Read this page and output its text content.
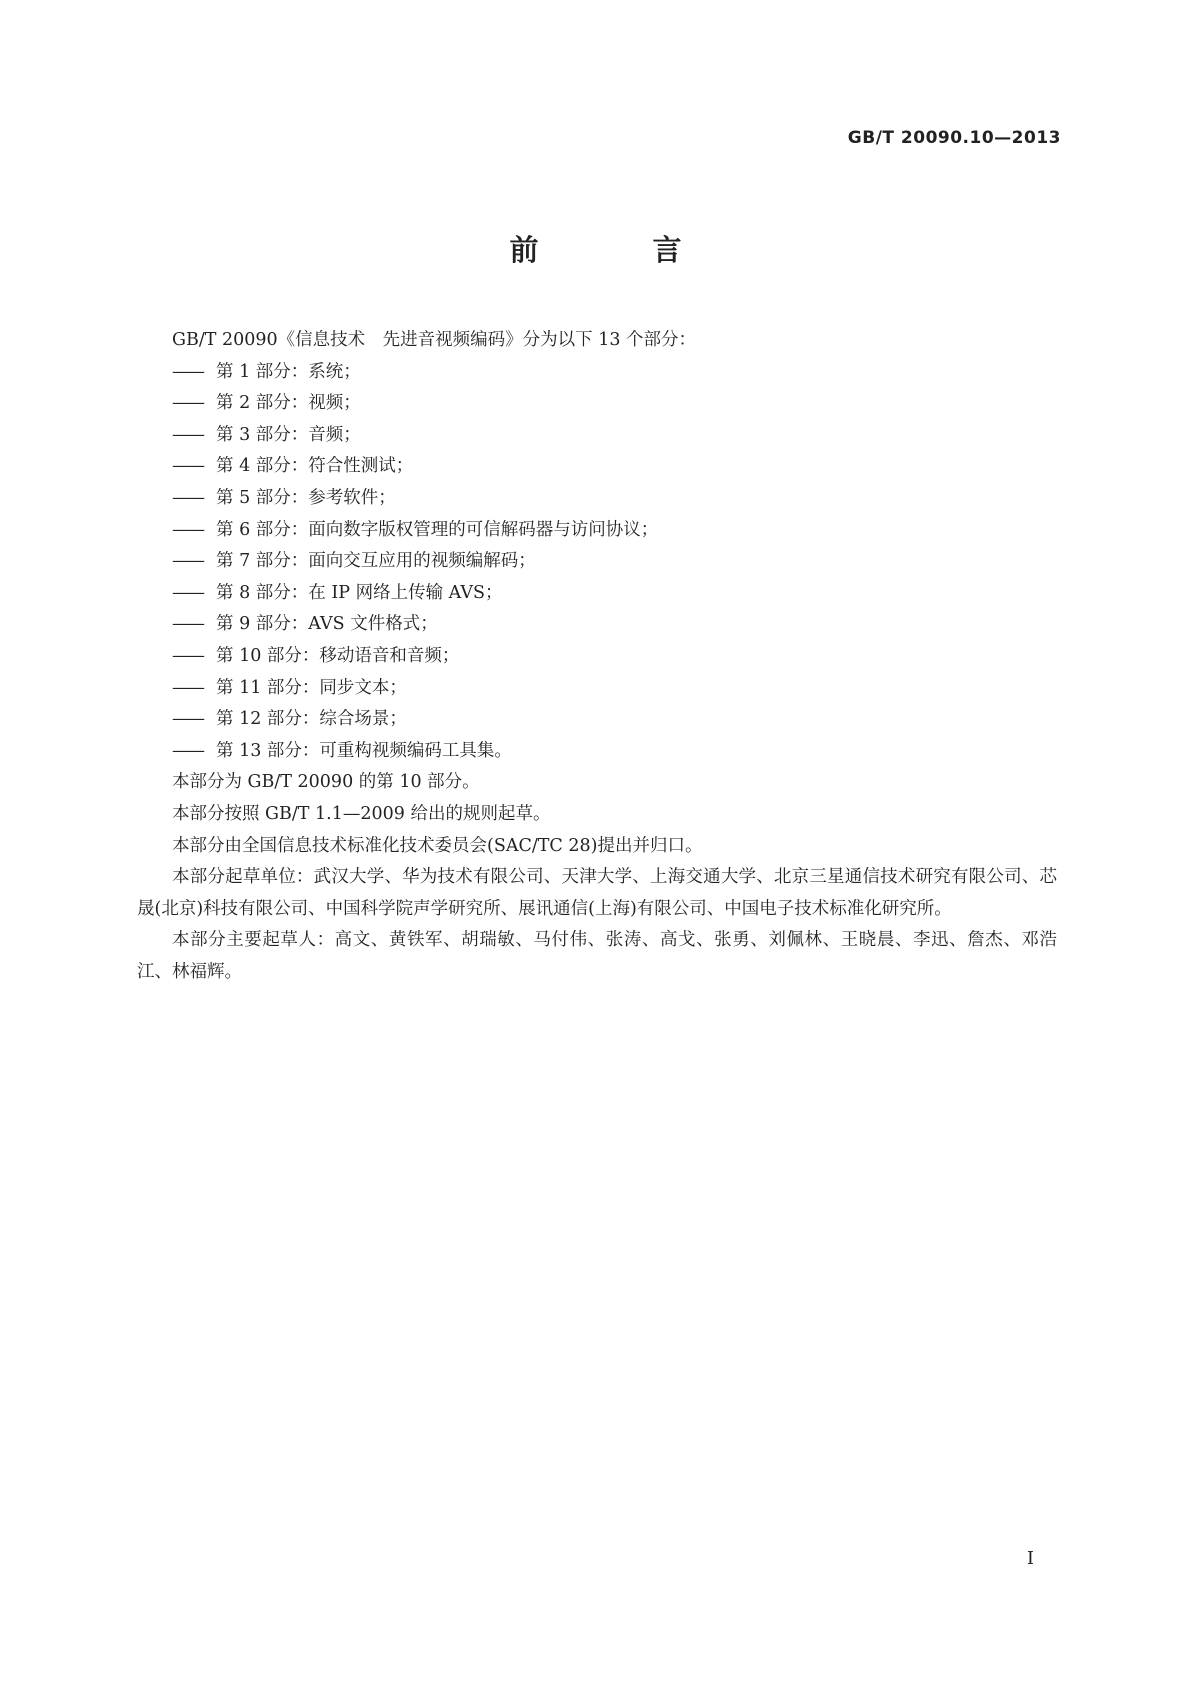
GB/T 20090.10—2013
前 言

GB/T 20090《信息技术　先进音视频编码》分为以下 13 个部分：

—— 第 1 部分：系统；

—— 第 2 部分：视频；

—— 第 3 部分：音频；

—— 第 4 部分：符合性测试；

—— 第 5 部分：参考软件；

—— 第 6 部分：面向数字版权管理的可信解码器与访问协议；

—— 第 7 部分：面向交互应用的视频编解码；

—— 第 8 部分：在 IP 网络上传输 AVS；

—— 第 9 部分：AVS 文件格式；

—— 第 10 部分：移动语音和音频；

—— 第 11 部分：同步文本；

—— 第 12 部分：综合场景；

—— 第 13 部分：可重构视频编码工具集。

本部分为 GB/T 20090 的第 10 部分。

本部分按照 GB/T 1.1—2009 给出的规则起草。

本部分由全国信息技术标准化技术委员会(SAC/TC 28)提出并归口。

本部分起草单位：武汉大学、华为技术有限公司、天津大学、上海交通大学、北京三星通信技术研究有限公司、芯晟(北京)科技有限公司、中国科学院声学研究所、展讯通信(上海)有限公司、中国电子技术标准化研究所。

本部分主要起草人：高文、黄铁军、胡瑞敏、马付伟、张涛、高戈、张勇、刘佩林、王晓晨、李迅、詹杰、邓浩江、林福辉。

I
